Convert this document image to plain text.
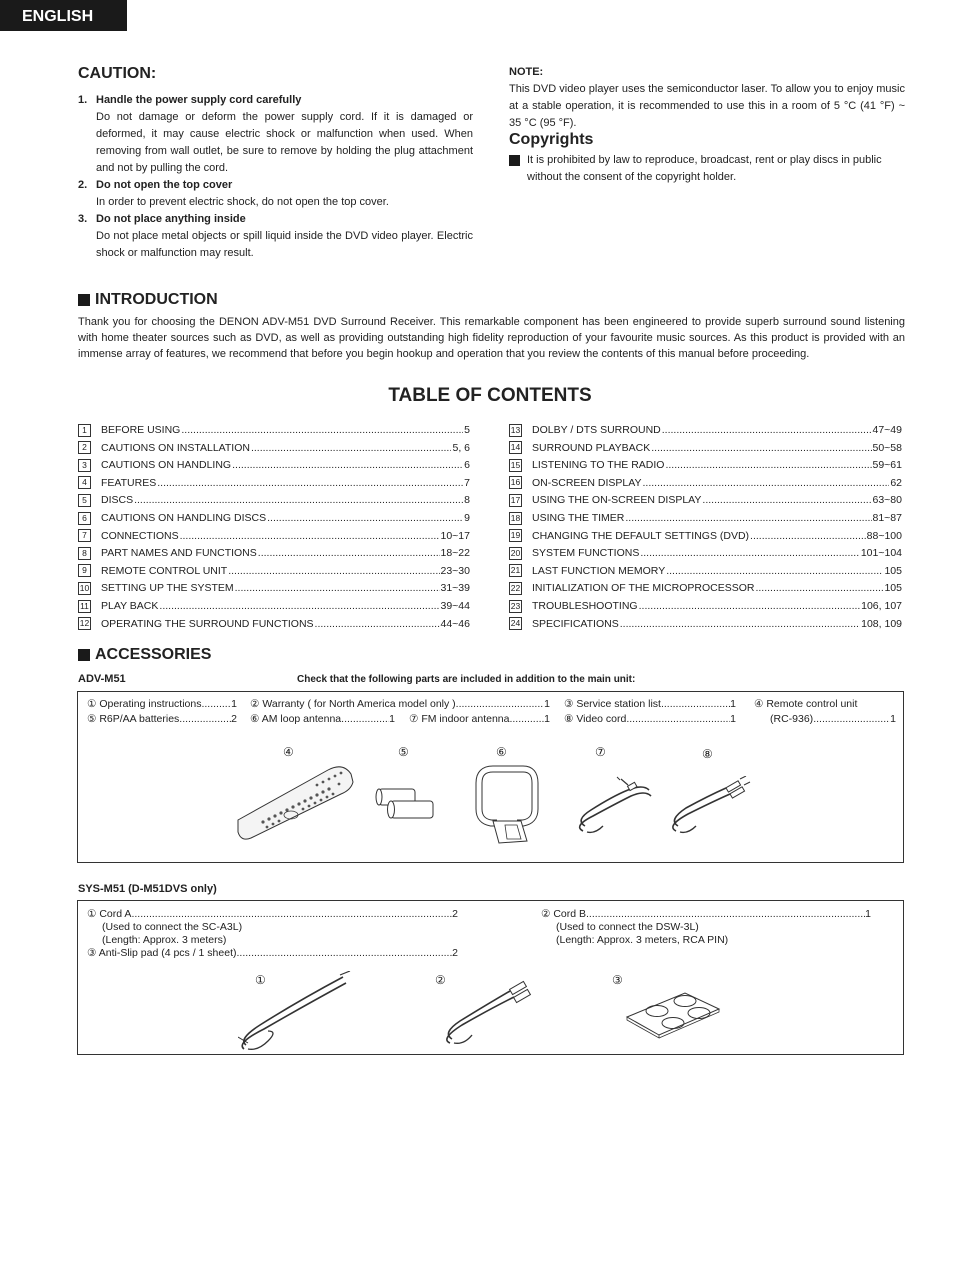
ENGLISH
CAUTION:
1. Handle the power supply cord carefully
Do not damage or deform the power supply cord. If it is damaged or deformed, it may cause electric shock or malfunction when used. When removing from wall outlet, be sure to remove by holding the plug attachment and not by pulling the cord.
2. Do not open the top cover
In order to prevent electric shock, do not open the top cover.
3. Do not place anything inside
Do not place metal objects or spill liquid inside the DVD video player. Electric shock or malfunction may result.
NOTE:
This DVD video player uses the semiconductor laser. To allow you to enjoy music at a stable operation, it is recommended to use this in a room of 5 °C (41 °F) ~ 35 °C (95 °F).
Copyrights
It is prohibited by law to reproduce, broadcast, rent or play discs in public without the consent of the copyright holder.
INTRODUCTION
Thank you for choosing the DENON ADV-M51 DVD Surround Receiver. This remarkable component has been engineered to provide superb surround sound listening with home theater sources such as DVD, as well as providing outstanding high fidelity reproduction of your favourite music sources. As this product is provided with an immense array of features, we recommend that before you begin hookup and operation that you review the contents of this manual before proceeding.
TABLE OF CONTENTS
1	BEFORE USING .....	5
2	CAUTIONS ON INSTALLATION .....	5, 6
3	CAUTIONS ON HANDLING .....	6
4	FEATURES .....	7
5	DISCS .....	8
6	CAUTIONS ON HANDLING DISCS .....	9
7	CONNECTIONS .....	10~17
8	PART NAMES AND FUNCTIONS .....	18~22
9	REMOTE CONTROL UNIT .....	23~30
10 SETTING UP THE SYSTEM .....	31~39
11 PLAY BACK .....	39~44
12 OPERATING THE SURROUND FUNCTIONS .....	44~46
13 DOLBY / DTS SURROUND .....	47~49
14 SURROUND PLAYBACK .....	50~58
15 LISTENING TO THE RADIO .....	59~61
16 ON-SCREEN DISPLAY .....	62
17 USING THE ON-SCREEN DISPLAY .....	63~80
18 USING THE TIMER .....	81~87
19 CHANGING THE DEFAULT SETTINGS (DVD) .....	88~100
20 SYSTEM FUNCTIONS .....	101~104
21 LAST FUNCTION MEMORY .....	105
22 INITIALIZATION OF THE MICROPROCESSOR .....	105
23 TROUBLESHOOTING .....	106, 107
24 SPECIFICATIONS .....	108, 109
ACCESSORIES
ADV-M51	Check that the following parts are included in addition to the main unit:
① Operating instructions .....	1 ② Warranty ( for North America model only ) .....	1 ③ Service station list .....	1 ④ Remote control unit
⑤ R6P/AA batteries .....	2 ⑥ AM loop antenna .....	1 ⑦ FM indoor antenna .....	1 ⑧ Video cord .....	1	(RC-936) .....	1
④	⑤	⑥	⑦	⑧
SYS-M51 (D-M51DVS only)
① Cord A .....	2
(Used to connect the SC-A3L)
(Length: Approx. 3 meters)
③ Anti-Slip pad (4 pcs / 1 sheet) .....	2
② Cord B .....	1
(Used to connect the DSW-3L)
(Length: Approx. 3 meters, RCA PIN)
①	②	③
